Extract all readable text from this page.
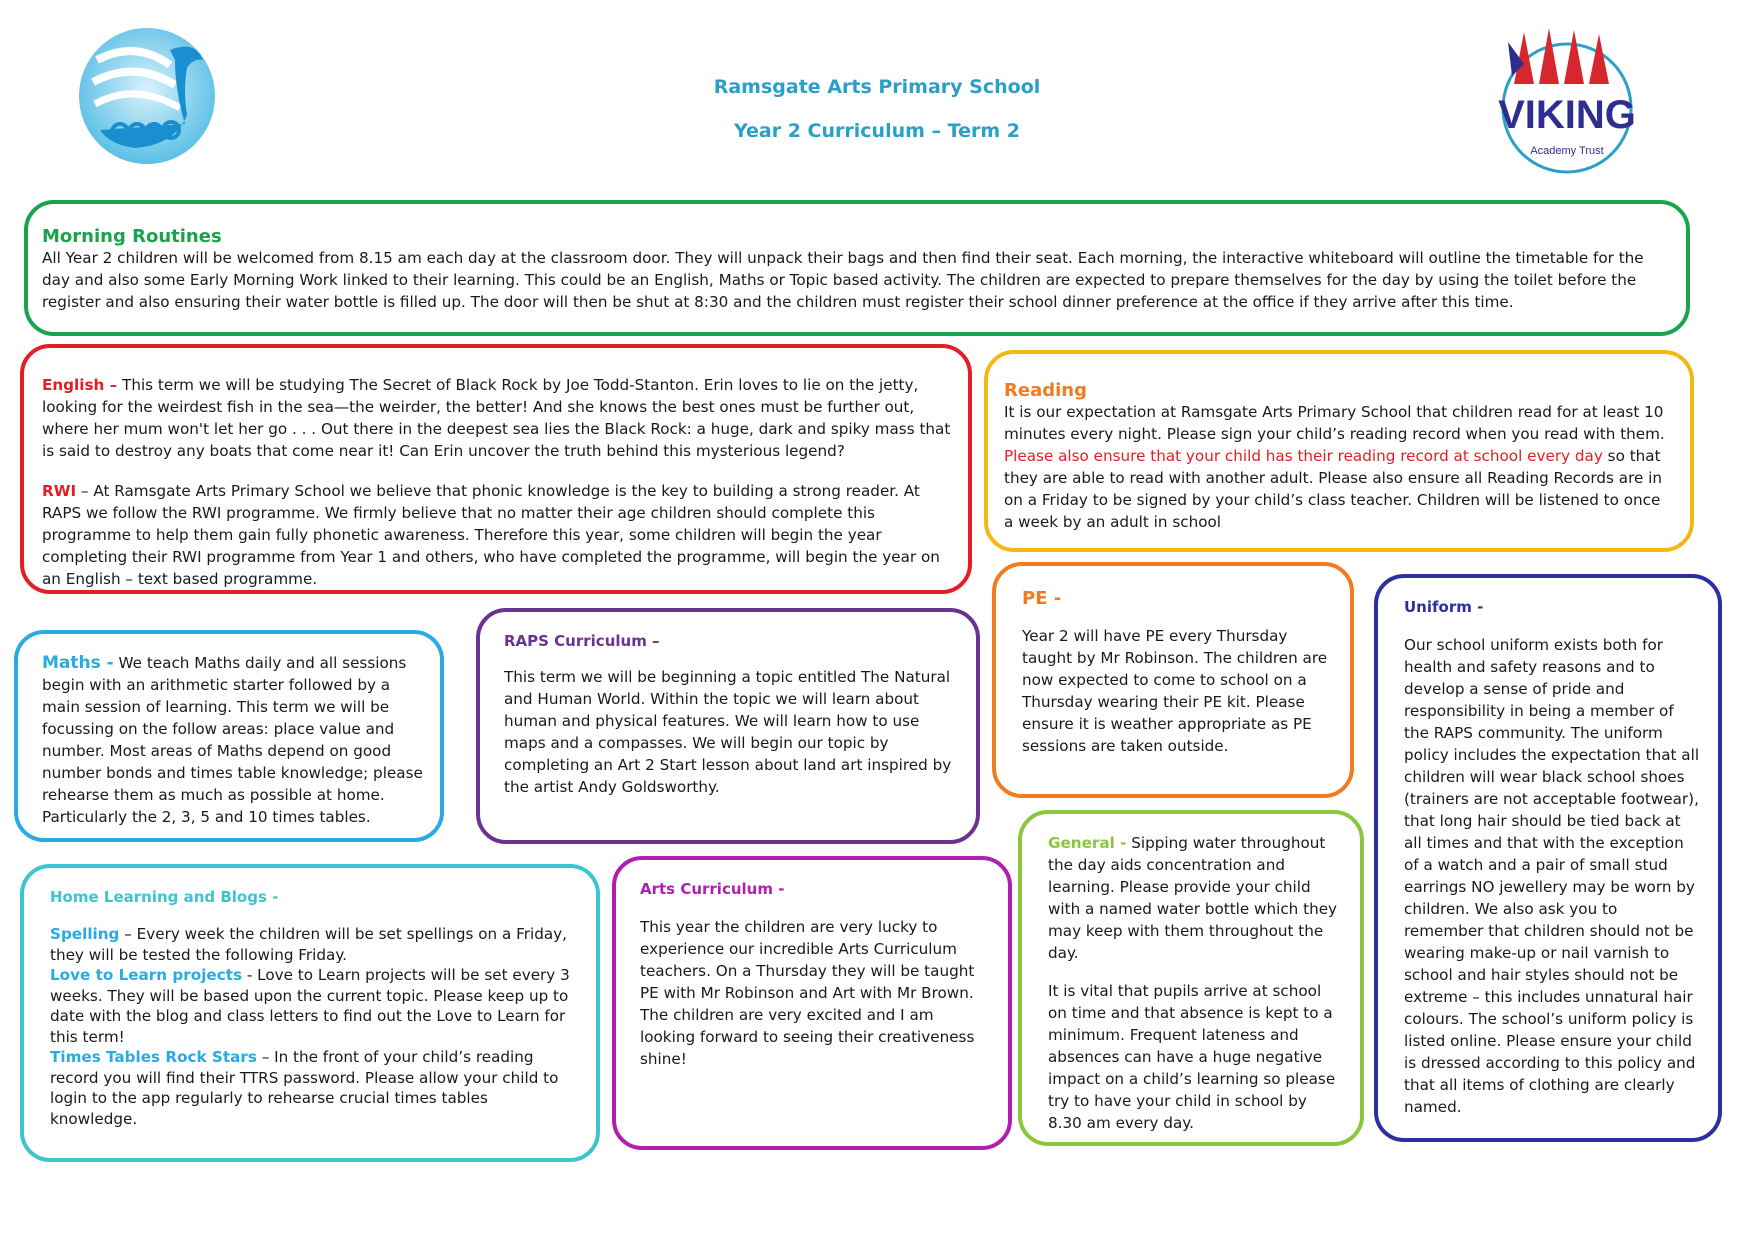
Ramsgate Arts Primary School
Year 2 Curriculum – Term 2	VIKING
Academy Trust

Morning Routines

All Year 2 children will be welcomed from 8.15 am each day at the classroom door. They will unpack their bags and then find their seat. Each morning, the interactive whiteboard will outline the timetable for the day and also some Early Morning Work linked to their learning. This could be an English, Maths or Topic based activity. The children are expected to prepare themselves for the day by using the toilet before the register and also ensuring their water bottle is filled up. The door will then be shut at 8:30 and the children must register their school dinner preference at the office if they arrive after this time.

English – This term we will be studying The Secret of Black Rock by Joe Todd-Stanton. Erin loves to lie on the jetty, looking for the weirdest fish in the sea—the weirder, the better! And she knows the best ones must be further out, where her mum won't let her go . . . Out there in the deepest sea lies the Black Rock: a huge, dark and spiky mass that is said to destroy any boats that come near it! Can Erin uncover the truth behind this mysterious legend?

RWI – At Ramsgate Arts Primary School we believe that phonic knowledge is the key to building a strong reader. At RAPS we follow the RWI programme. We firmly believe that no matter their age children should complete this programme to help them gain fully phonetic awareness. Therefore this year, some children will begin the year completing their RWI programme from Year 1 and others, who have completed the programme, will begin the year on an English – text based programme.

Reading

It is our expectation at Ramsgate Arts Primary School that children read for at least 10 minutes every night. Please sign your child’s reading record when you read with them. Please also ensure that your child has their reading record at school every day so that they are able to read with another adult. Please also ensure all Reading Records are in on a Friday to be signed by your child’s class teacher. Children will be listened to once a week by an adult in school

PE -

Year 2 will have PE every Thursday taught by Mr Robinson. The children are now expected to come to school on a Thursday wearing their PE kit. Please ensure it is weather appropriate as PE sessions are taken outside.

Uniform -

Our school uniform exists both for health and safety reasons and to develop a sense of pride and responsibility in being a member of the RAPS community. The uniform policy includes the expectation that all children will wear black school shoes (trainers are not acceptable footwear), that long hair should be tied back at all times and that with the exception of a watch and a pair of small stud earrings NO jewellery may be worn by children. We also ask you to remember that children should not be wearing make-up or nail varnish to school and hair styles should not be extreme – this includes unnatural hair colours. The school’s uniform policy is listed online. Please ensure your child is dressed according to this policy and that all items of clothing are clearly named.

Maths - We teach Maths daily and all sessions begin with an arithmetic starter followed by a main session of learning. This term we will be focussing on the follow areas: place value and number. Most areas of Maths depend on good number bonds and times table knowledge; please rehearse them as much as possible at home. Particularly the 2, 3, 5 and 10 times tables.

RAPS Curriculum –

This term we will be beginning a topic entitled The Natural and Human World. Within the topic we will learn about human and physical features. We will learn how to use maps and a compasses. We will begin our topic by completing an Art 2 Start lesson about land art inspired by the artist Andy Goldsworthy.

General - Sipping water throughout the day aids concentration and learning. Please provide your child with a named water bottle which they may keep with them throughout the day.

It is vital that pupils arrive at school on time and that absence is kept to a minimum. Frequent lateness and absences can have a huge negative impact on a child’s learning so please try to have your child in school by 8.30 am every day.

Home Learning and Blogs -

Spelling – Every week the children will be set spellings on a Friday, they will be tested the following Friday.

Love to Learn projects - Love to Learn projects will be set every 3 weeks. They will be based upon the current topic. Please keep up to date with the blog and class letters to find out the Love to Learn for this term!

Times Tables Rock Stars – In the front of your child’s reading record you will find their TTRS password. Please allow your child to login to the app regularly to rehearse crucial times tables knowledge.

Arts Curriculum -

This year the children are very lucky to experience our incredible Arts Curriculum teachers. On a Thursday they will be taught PE with Mr Robinson and Art with Mr Brown. The children are very excited and I am looking forward to seeing their creativeness shine!
